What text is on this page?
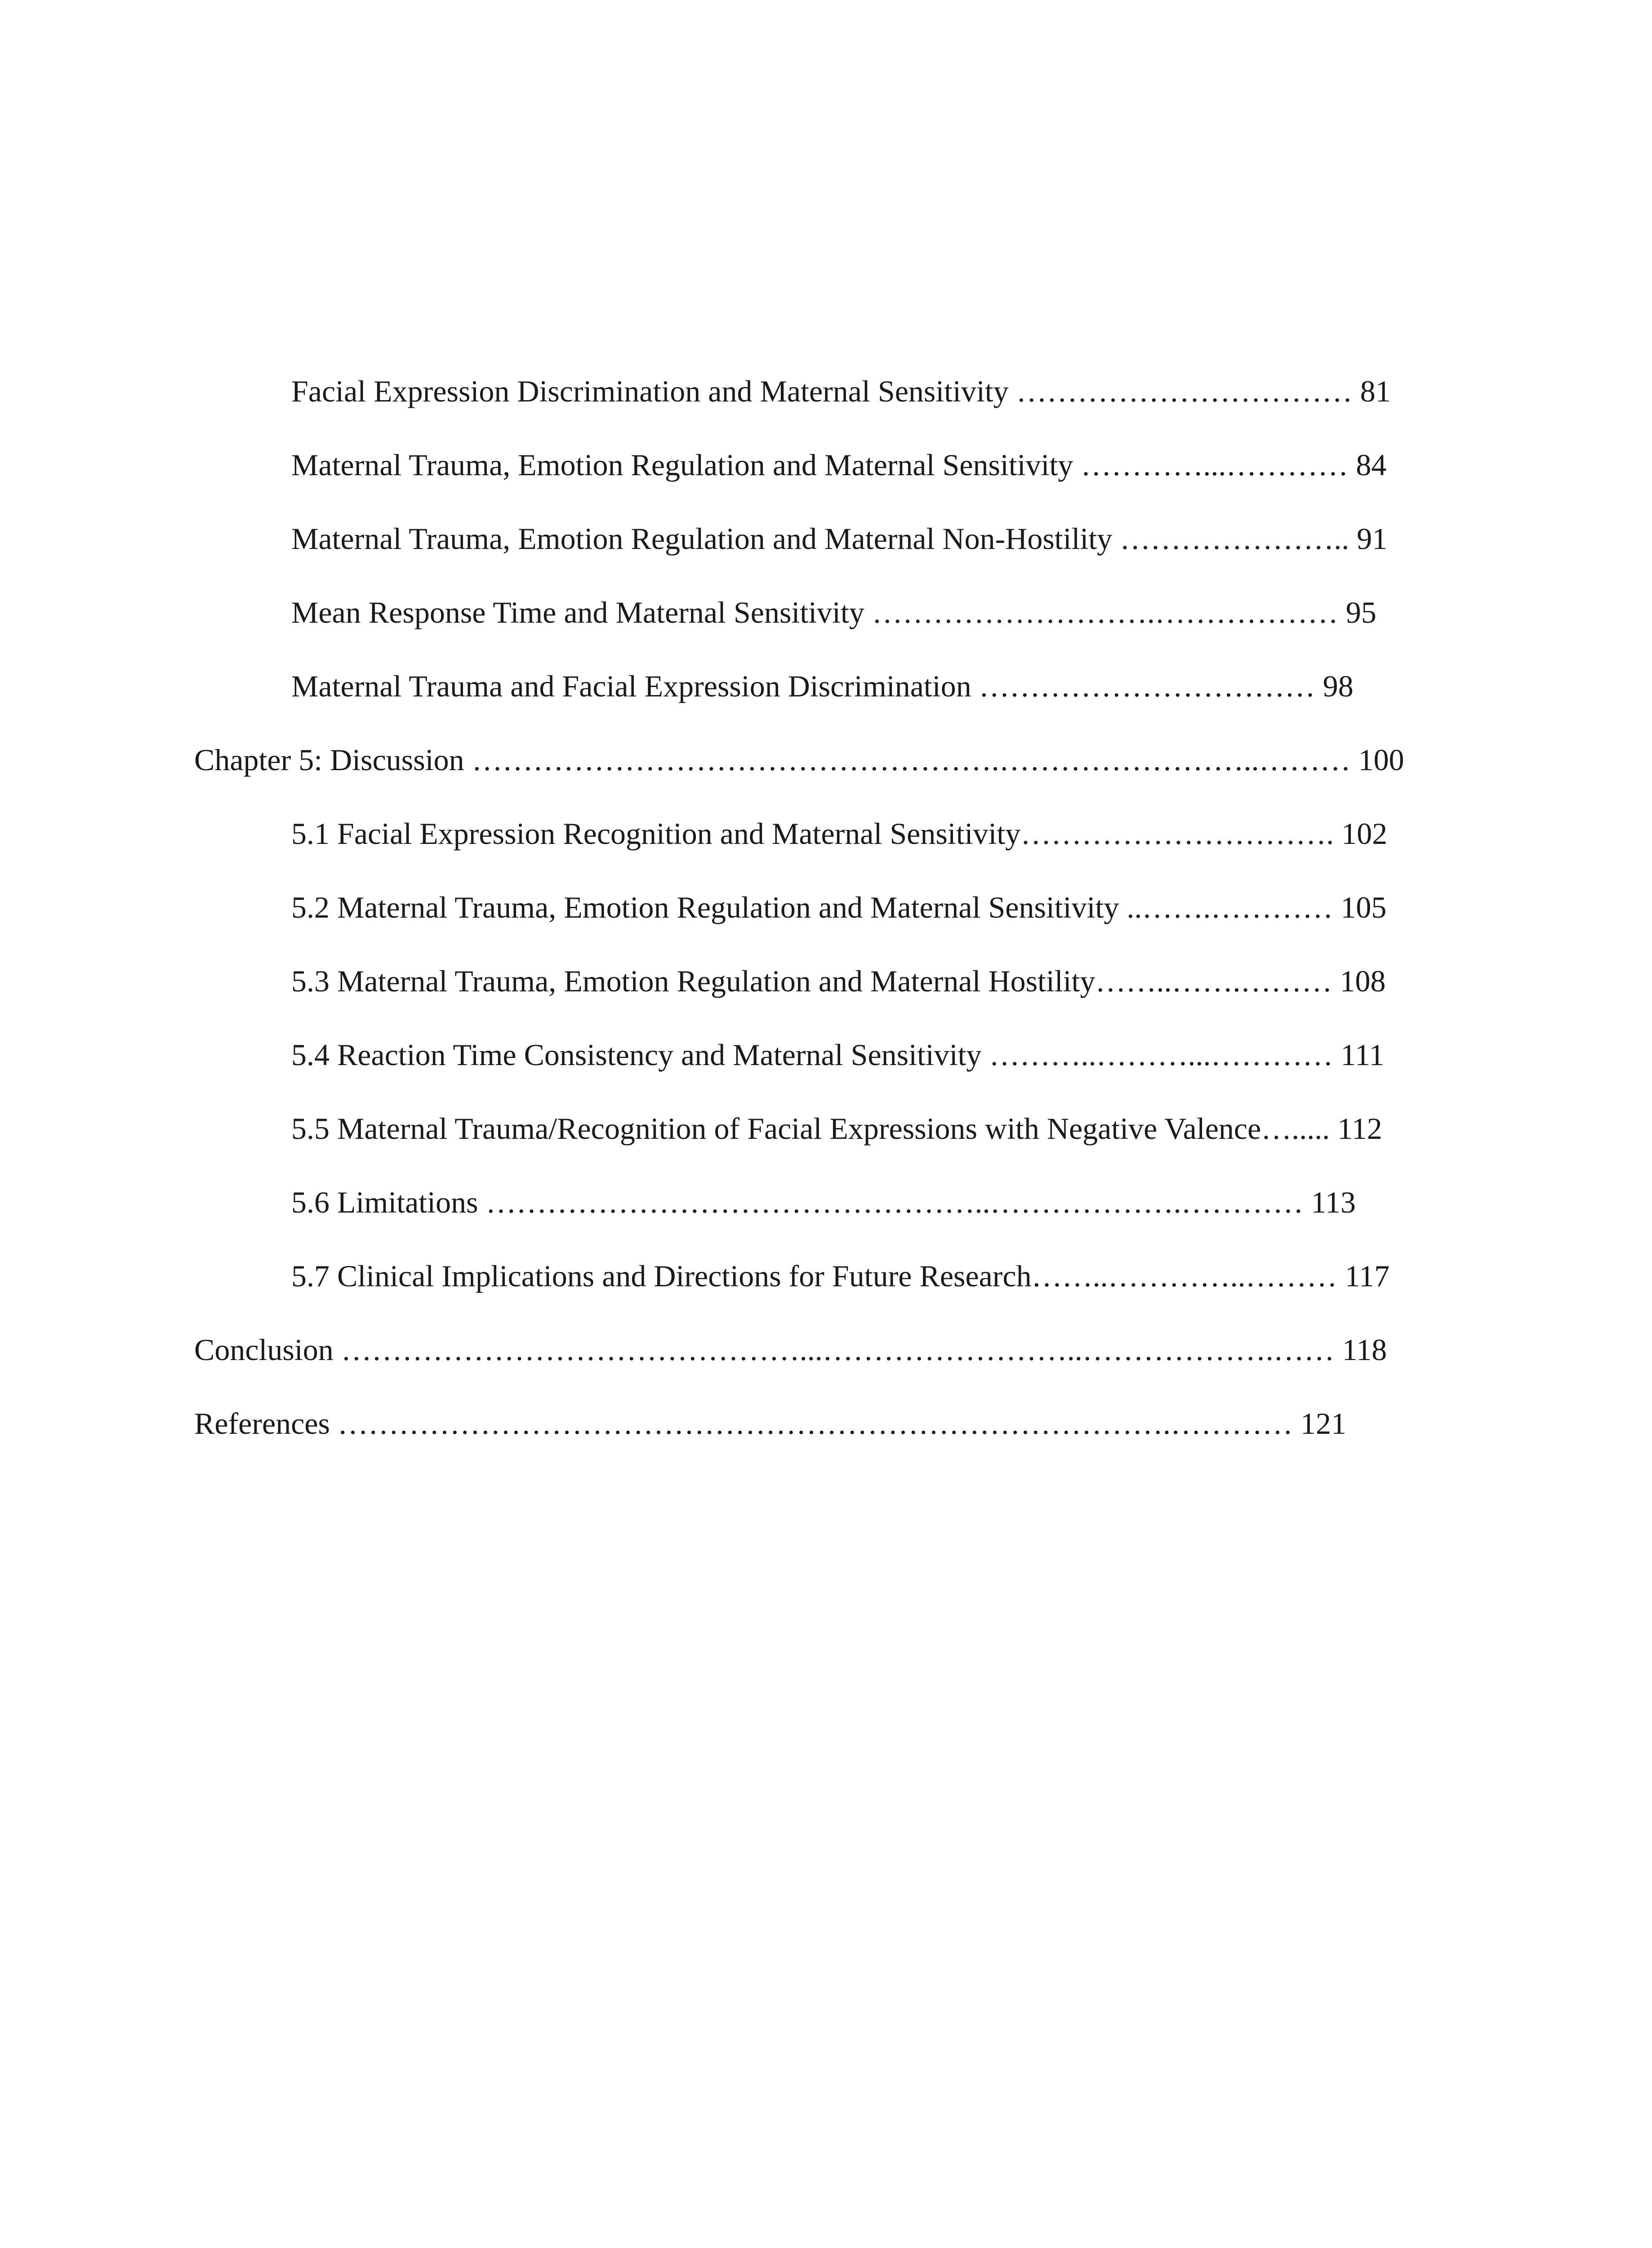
Facial Expression Discrimination and Maternal Sensitivity …………………………… 81
Maternal Trauma, Emotion Regulation and Maternal Sensitivity …………...………… 84
Maternal Trauma, Emotion Regulation and Maternal Non-Hostility ………………….. 91
Mean Response Time and Maternal Sensitivity ……………………….……………… 95
Maternal Trauma and Facial Expression Discrimination …………………………… 98
Chapter 5: Discussion …………………………………………….……………………..……… 100
5.1 Facial Expression Recognition and Maternal Sensitivity…………………………. 102
5.2 Maternal Trauma, Emotion Regulation and Maternal Sensitivity ..…….………… 105
5.3 Maternal Trauma, Emotion Regulation and Maternal Hostility……..…….……… 108
5.4 Reaction Time Consistency and Maternal Sensitivity ………..………...………… 111
5.5 Maternal Trauma/Recognition of Facial Expressions with Negative Valence…..... 112
5.6 Limitations …………………………………………..……………….………… 113
5.7 Clinical Implications and Directions for Future Research……..…………..……… 117
Conclusion ………………………………………...……………………..……………….…… 118
References ……………………………………………………………………….………… 121
